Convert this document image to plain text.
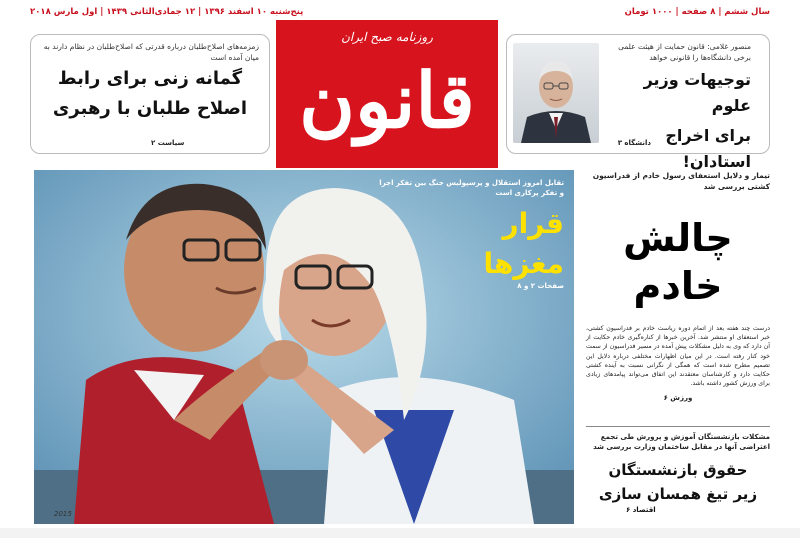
سال ششم | ۸ صفحه | ۱۰۰۰ تومان
پنج‌شنبه ۱۰ اسفند ۱۳۹۶ | ۱۲ جمادی‌الثانی ۱۴۳۹ | اول مارس ۲۰۱۸
روزنامه صبح ایران
قانون
زمزمه‌های اصلاح‌طلبان درباره قدرتی که اصلاح‌طلبان در نظام دارند به میان آمده است
گمانه زنی برای رابط
اصلاح طلبان با رهبری
سیاست ۲
منصور غلامی: قانون حمایت از هیئت علمی برخی دانشگاه‌ها را قانونی خواهد
توجیهات وزیر علوم
برای اخراج استادان!
دانشگاه ۳
تقابل امروز استقلال و پرسپولیس جنگ بین تفکر اجرا و تفکر پرکاری است
قرار
مغزها
صفحات ۲ و ۸
2015
تیمار و دلایل استعفای رسول خادم از فدراسیون کشتی بررسی شد
چالش
خادم
درست چند هفته بعد از اتمام دوره ریاست خادم بر فدراسیون کشتی، خبر استعفای او منتشر شد. آخرین خبرها از کناره‌گیری خادم حکایت از آن دارد که وی به دلیل مشکلات پیش آمده در مسیر فدراسیون از سمت خود کنار رفته است. در این میان اظهارات مختلفی درباره دلایل این تصمیم مطرح شده است که همگی از نگرانی نسبت به آینده کشتی حکایت دارد و کارشناسان معتقدند این اتفاق می‌تواند پیامدهای زیادی برای ورزش کشور داشته باشد.
ورزش ۶
مشکلات بازنشستگان آموزش و پرورش طی تجمع اعتراضی آنها در مقابل ساختمان وزارت بررسی شد
حقوق بازنشستگان
زیر تیغ همسان سازی
اقتصاد ۶
